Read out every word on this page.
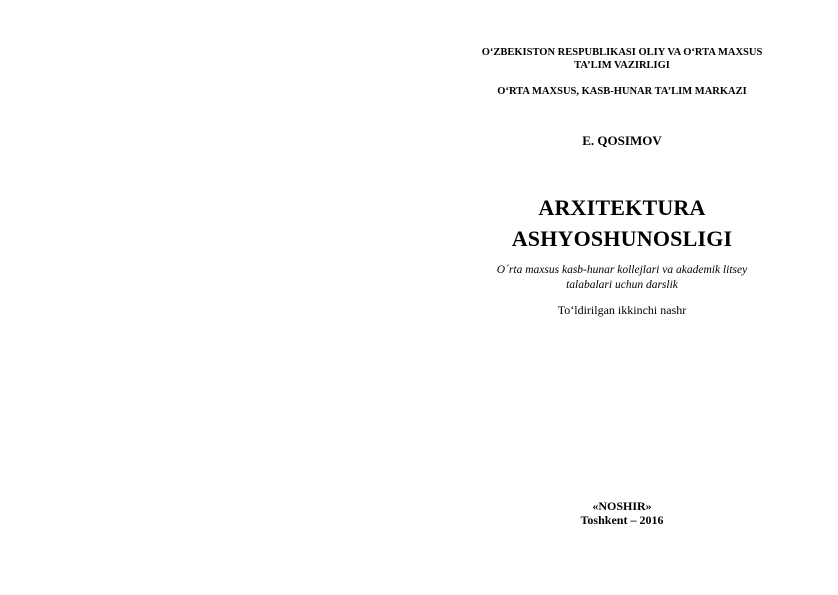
O‘ZBEKISTON RESPUBLIKASI OLIY VA O‘RTA MAXSUS
TA’LIM VAZIRLIGI
O‘RTA MAXSUS, KASB-HUNAR TA’LIM MARKAZI
E. QOSIMOV
ARXITEKTURA
ASHYOSHUNOSLIGI
O´rta maxsus kasb-hunar kollejlari va akademik litsey
talabalari uchun darslik
To‘ldirilgan ikkinchi nashr
«NOSHIR»
Toshkent – 2016
